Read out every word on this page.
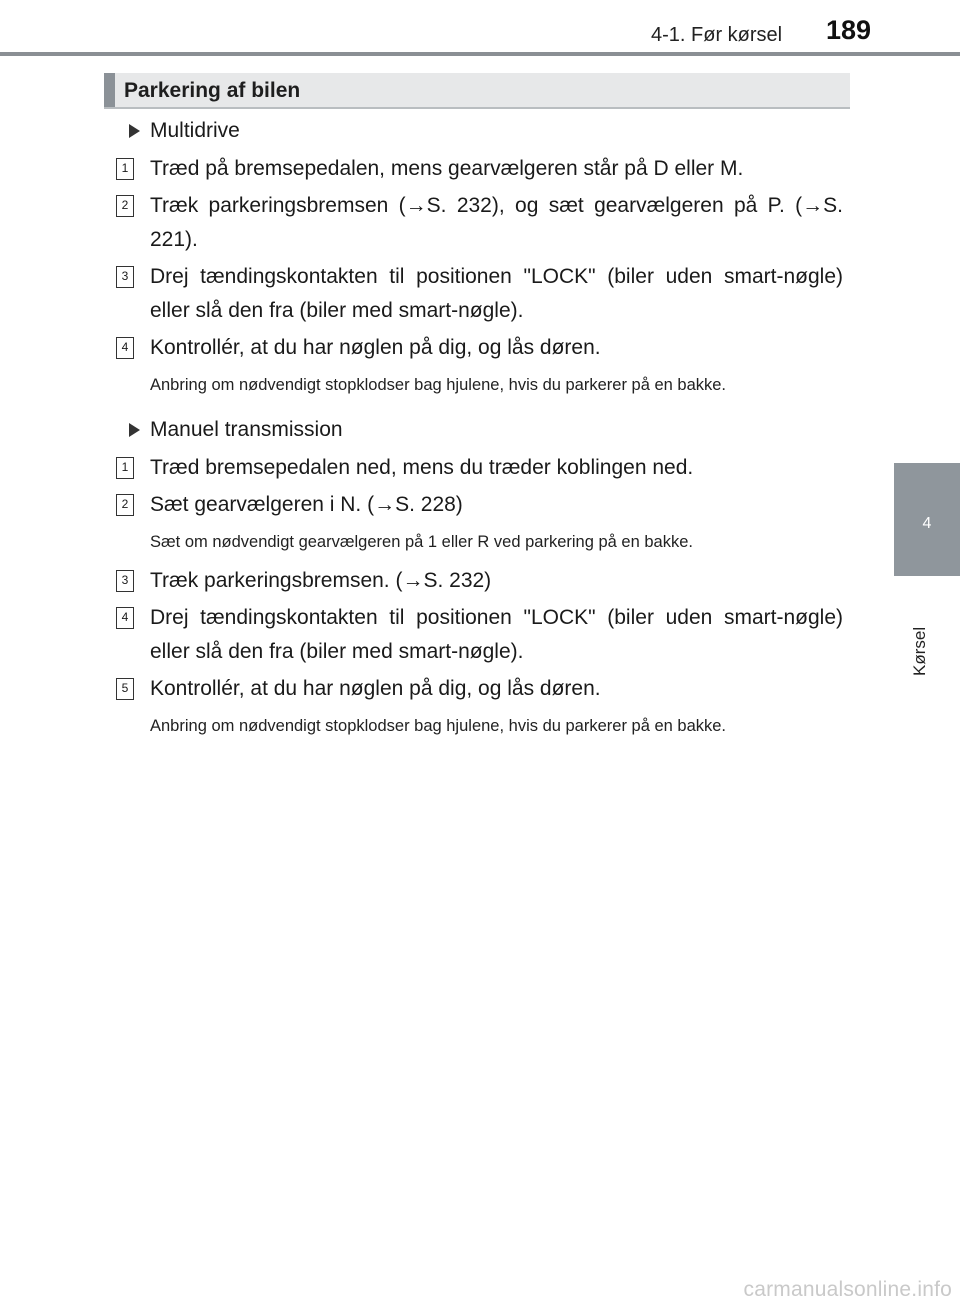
4-1. Før kørsel 189
4
Kørsel
Parkering af bilen
Multidrive
1 Træd på bremsepedalen, mens gearvælgeren står på D eller M.
2 Træk parkeringsbremsen (→S. 232), og sæt gearvælgeren på P. (→S. 221).
3 Drej tændingskontakten til positionen "LOCK" (biler uden smart-nøgle) eller slå den fra (biler med smart-nøgle).
4 Kontrollér, at du har nøglen på dig, og lås døren.
Anbring om nødvendigt stopklodser bag hjulene, hvis du parkerer på en bakke.
Manuel transmission
1 Træd bremsepedalen ned, mens du træder koblingen ned.
2 Sæt gearvælgeren i N. (→S. 228)
Sæt om nødvendigt gearvælgeren på 1 eller R ved parkering på en bakke.
3 Træk parkeringsbremsen. (→S. 232)
4 Drej tændingskontakten til positionen "LOCK" (biler uden smart-nøgle) eller slå den fra (biler med smart-nøgle).
5 Kontrollér, at du har nøglen på dig, og lås døren.
Anbring om nødvendigt stopklodser bag hjulene, hvis du parkerer på en bakke.
carmanualsonline.info
